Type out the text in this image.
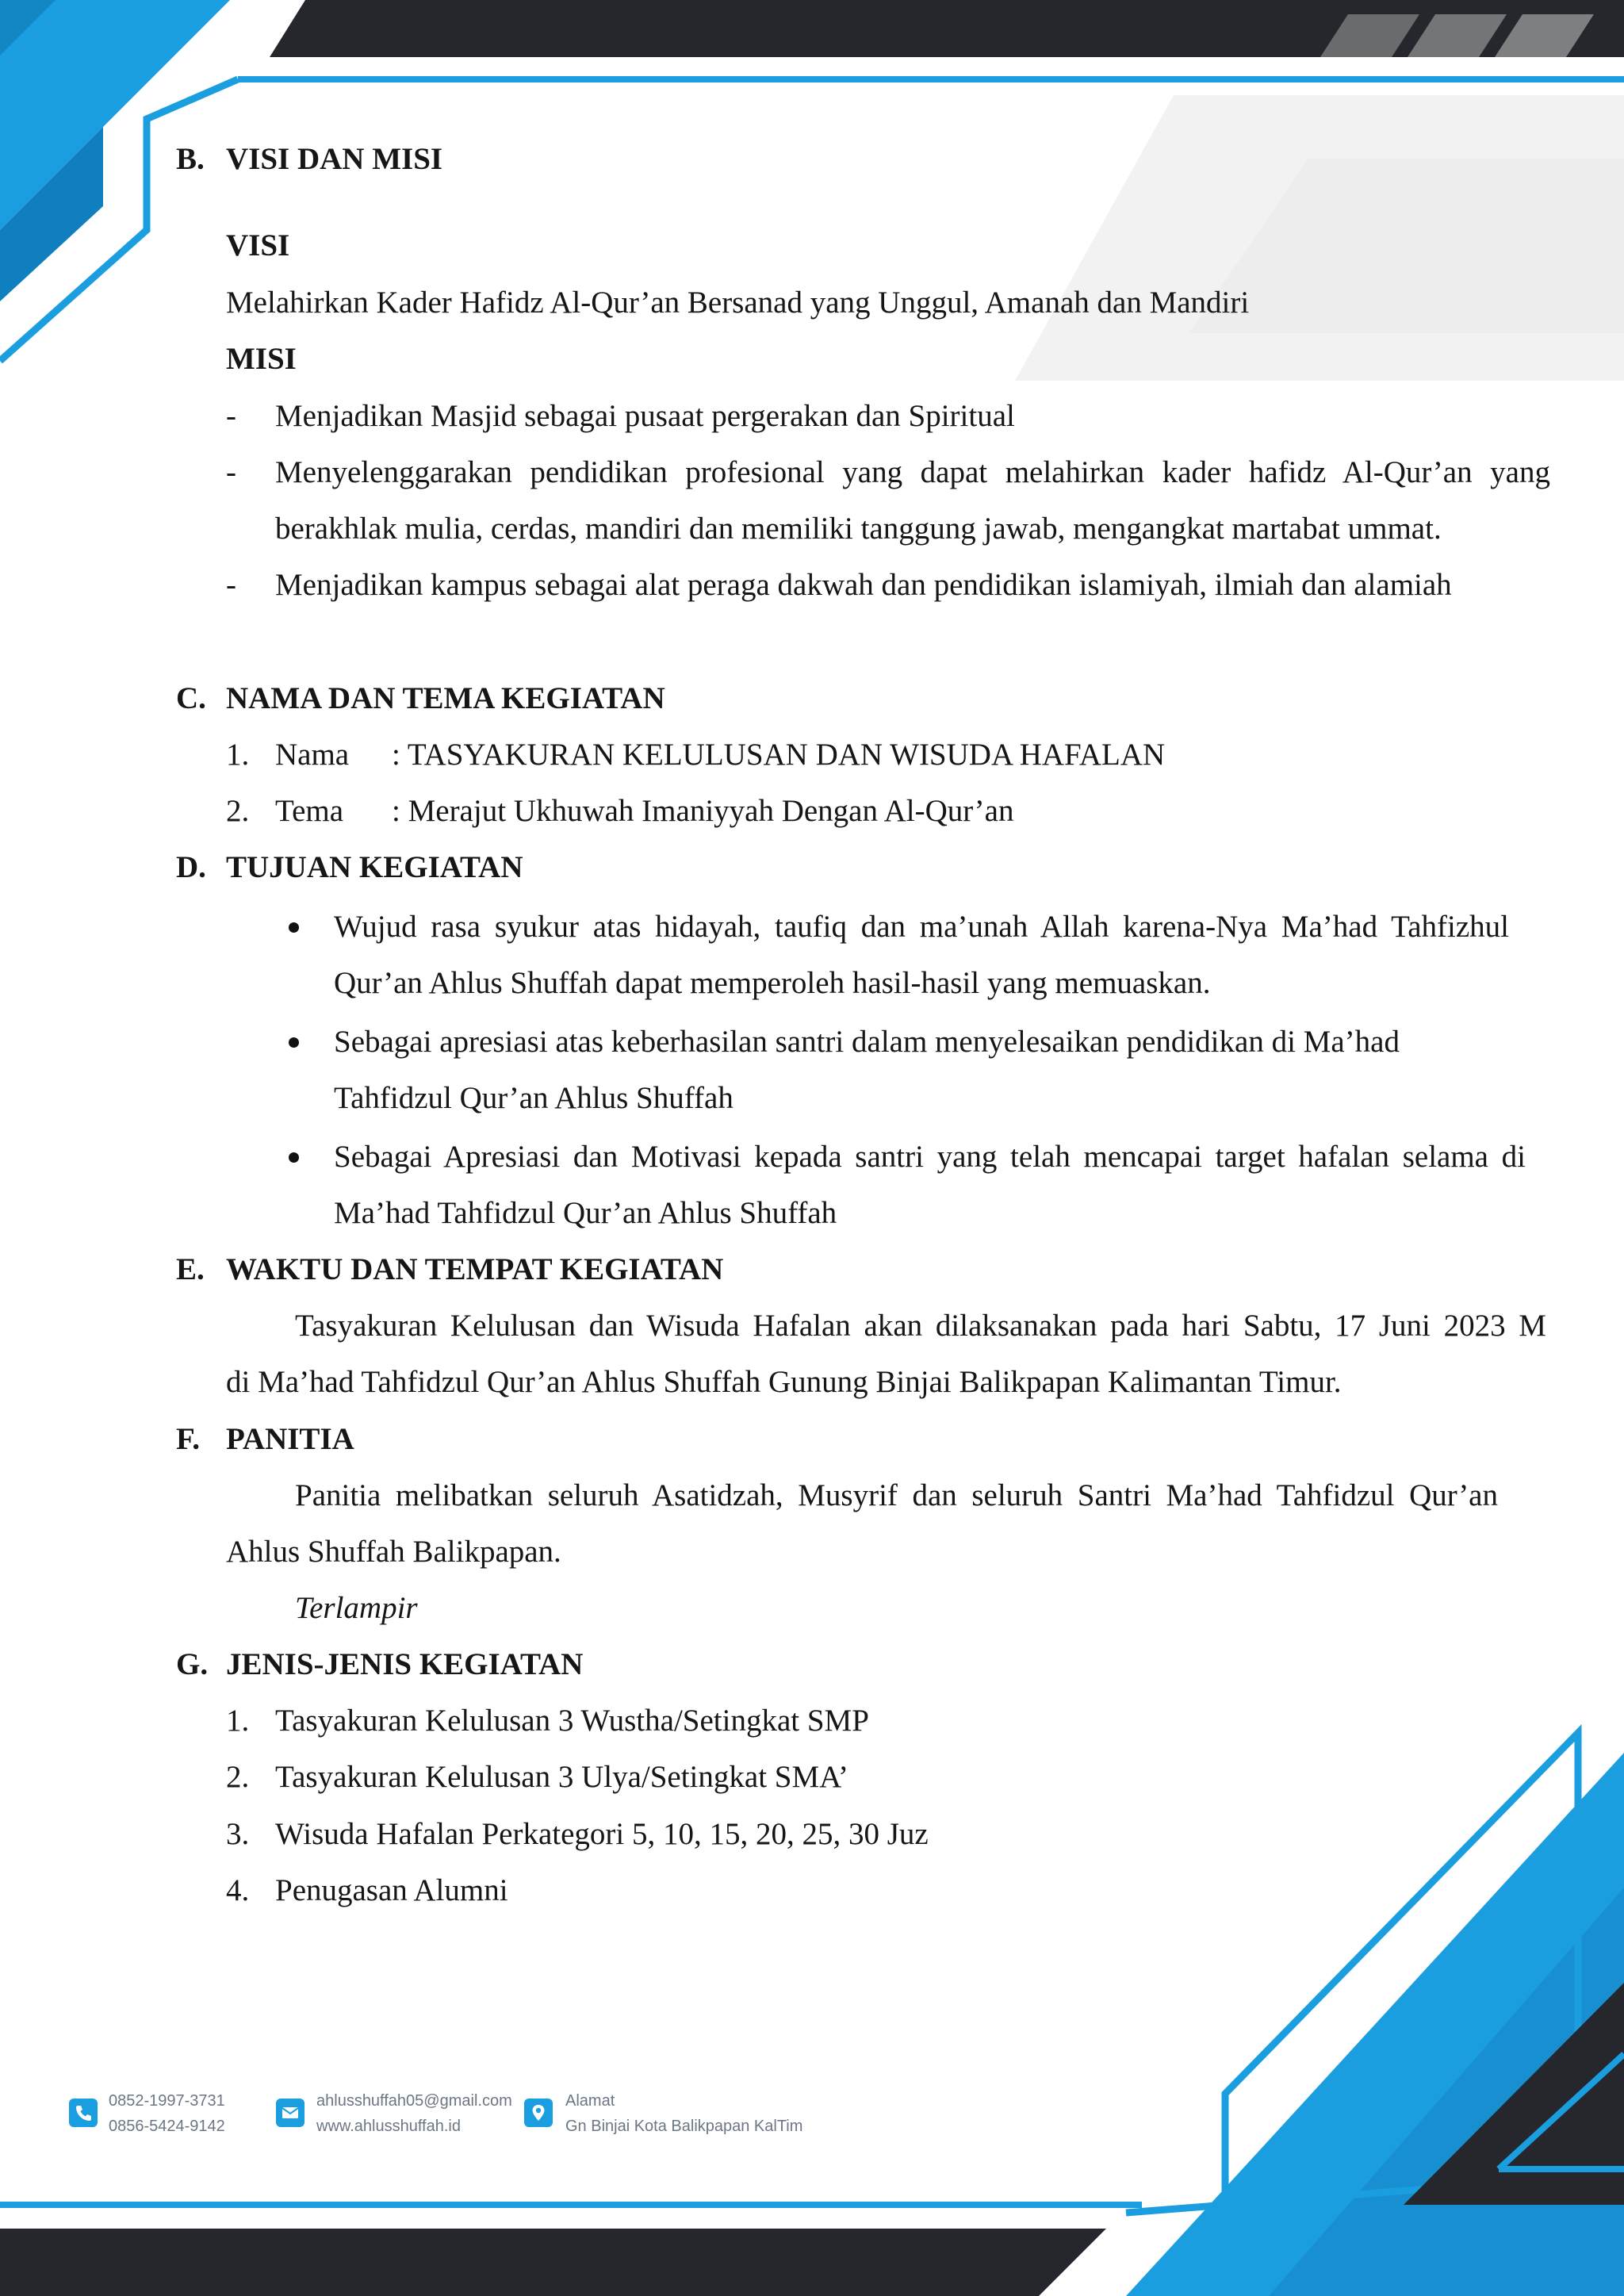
B. VISI DAN MISI
VISI
Melahirkan Kader Hafidz Al-Qur’an Bersanad yang Unggul, Amanah dan Mandiri
MISI
- Menjadikan Masjid sebagai pusaat pergerakan dan Spiritual
- Menyelenggarakan pendidikan profesional yang dapat melahirkan kader hafidz Al-Qur’an yang
berakhlak mulia, cerdas, mandiri dan memiliki tanggung jawab, mengangkat martabat ummat.
- Menjadikan kampus sebagai alat peraga dakwah dan pendidikan islamiyah, ilmiah dan alamiah
C. NAMA DAN TEMA KEGIATAN
1. Nama : TASYAKURAN KELULUSAN DAN WISUDA HAFALAN
2. Tema : Merajut Ukhuwah Imaniyyah Dengan Al-Qur’an
D. TUJUAN KEGIATAN
Wujud rasa syukur atas hidayah, taufiq dan ma’unah Allah karena-Nya Ma’had Tahfizhul
Qur’an Ahlus Shuffah dapat memperoleh hasil-hasil yang memuaskan.
Sebagai apresiasi atas keberhasilan santri dalam menyelesaikan pendidikan di Ma’had
Tahfidzul Qur’an Ahlus Shuffah
Sebagai Apresiasi dan Motivasi kepada santri yang telah mencapai target hafalan selama di
Ma’had Tahfidzul Qur’an Ahlus Shuffah
E. WAKTU DAN TEMPAT KEGIATAN
Tasyakuran Kelulusan dan Wisuda Hafalan akan dilaksanakan pada hari Sabtu, 17 Juni 2023 M
di Ma’had Tahfidzul Qur’an Ahlus Shuffah Gunung Binjai Balikpapan Kalimantan Timur.
F. PANITIA
Panitia melibatkan seluruh Asatidzah, Musyrif dan seluruh Santri Ma’had Tahfidzul Qur’an
Ahlus Shuffah Balikpapan.
Terlampir
G. JENIS-JENIS KEGIATAN
1. Tasyakuran Kelulusan 3 Wustha/Setingkat SMP
2. Tasyakuran Kelulusan 3 Ulya/Setingkat SMA’
3. Wisuda Hafalan Perkategori 5, 10, 15, 20, 25, 30 Juz
4. Penugasan Alumni
0852-1997-3731
0856-5424-9142
ahlusshuffah05@gmail.com
www.ahlusshuffah.id
Alamat
Gn Binjai Kota Balikpapan KalTim
